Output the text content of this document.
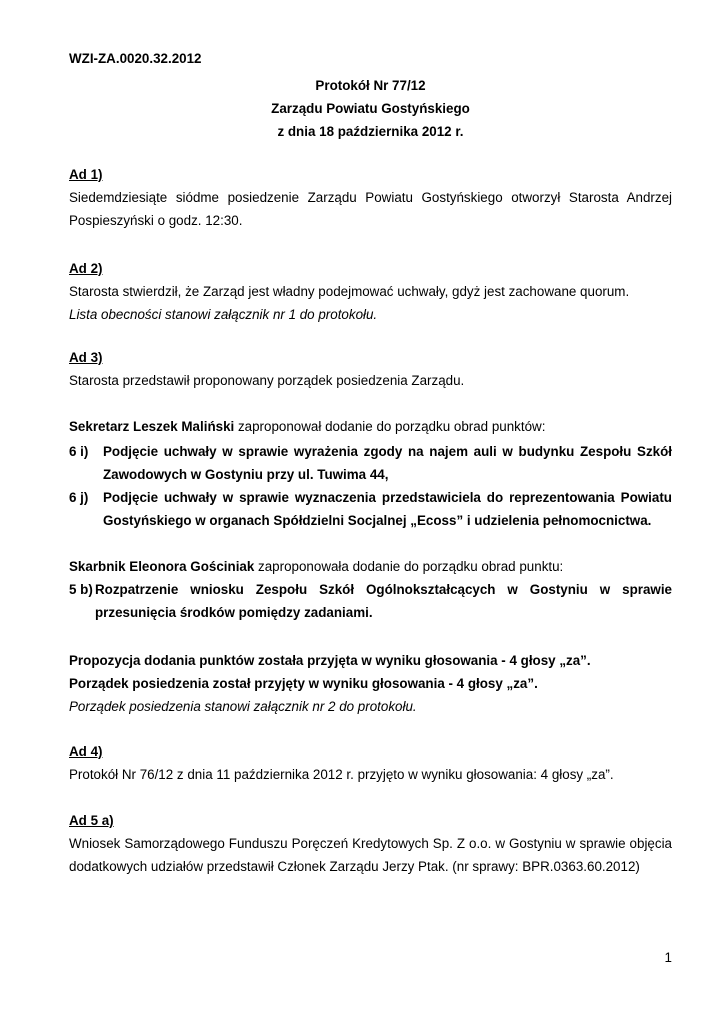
WZI-ZA.0020.32.2012
Protokół Nr 77/12
Zarządu Powiatu Gostyńskiego
z dnia 18 października 2012 r.
Ad 1)
Siedemdziesiąte siódme posiedzenie Zarządu Powiatu Gostyńskiego otworzył Starosta Andrzej Pospieszyński o godz. 12:30.
Ad 2)
Starosta stwierdził, że Zarząd jest władny podejmować uchwały, gdyż jest zachowane quorum.
Lista obecności stanowi załącznik nr 1 do protokołu.
Ad 3)
Starosta przedstawił proponowany porządek posiedzenia Zarządu.
Sekretarz Leszek Maliński zaproponował dodanie do porządku obrad punktów:
6 i) Podjęcie uchwały w sprawie wyrażenia zgody na najem auli w budynku Zespołu Szkół Zawodowych w Gostyniu przy ul. Tuwima 44,
6 j) Podjęcie uchwały w sprawie wyznaczenia przedstawiciela do reprezentowania Powiatu Gostyńskiego w organach Spółdzielni Socjalnej „Ecoss” i udzielenia pełnomocnictwa.
Skarbnik Eleonora Gościniak zaproponowała dodanie do porządku obrad punktu:
5 b) Rozpatrzenie wniosku Zespołu Szkół Ogólnokształcących w Gostyniu w sprawie przesunięcia środków pomiędzy zadaniami.
Propozycja dodania punktów została przyjęta w wyniku głosowania - 4 głosy „za”.
Porządek posiedzenia został przyjęty w wyniku głosowania - 4 głosy „za”.
Porządek posiedzenia stanowi załącznik nr 2 do protokołu.
Ad 4)
Protokół Nr 76/12 z dnia 11 października 2012 r. przyjęto w wyniku głosowania: 4 głosy „za”.
Ad 5 a)
Wniosek Samorządowego Funduszu Poręczeń Kredytowych Sp. Z o.o. w Gostyniu w sprawie objęcia dodatkowych udziałów przedstawił Członek Zarządu Jerzy Ptak. (nr sprawy: BPR.0363.60.2012)
1
